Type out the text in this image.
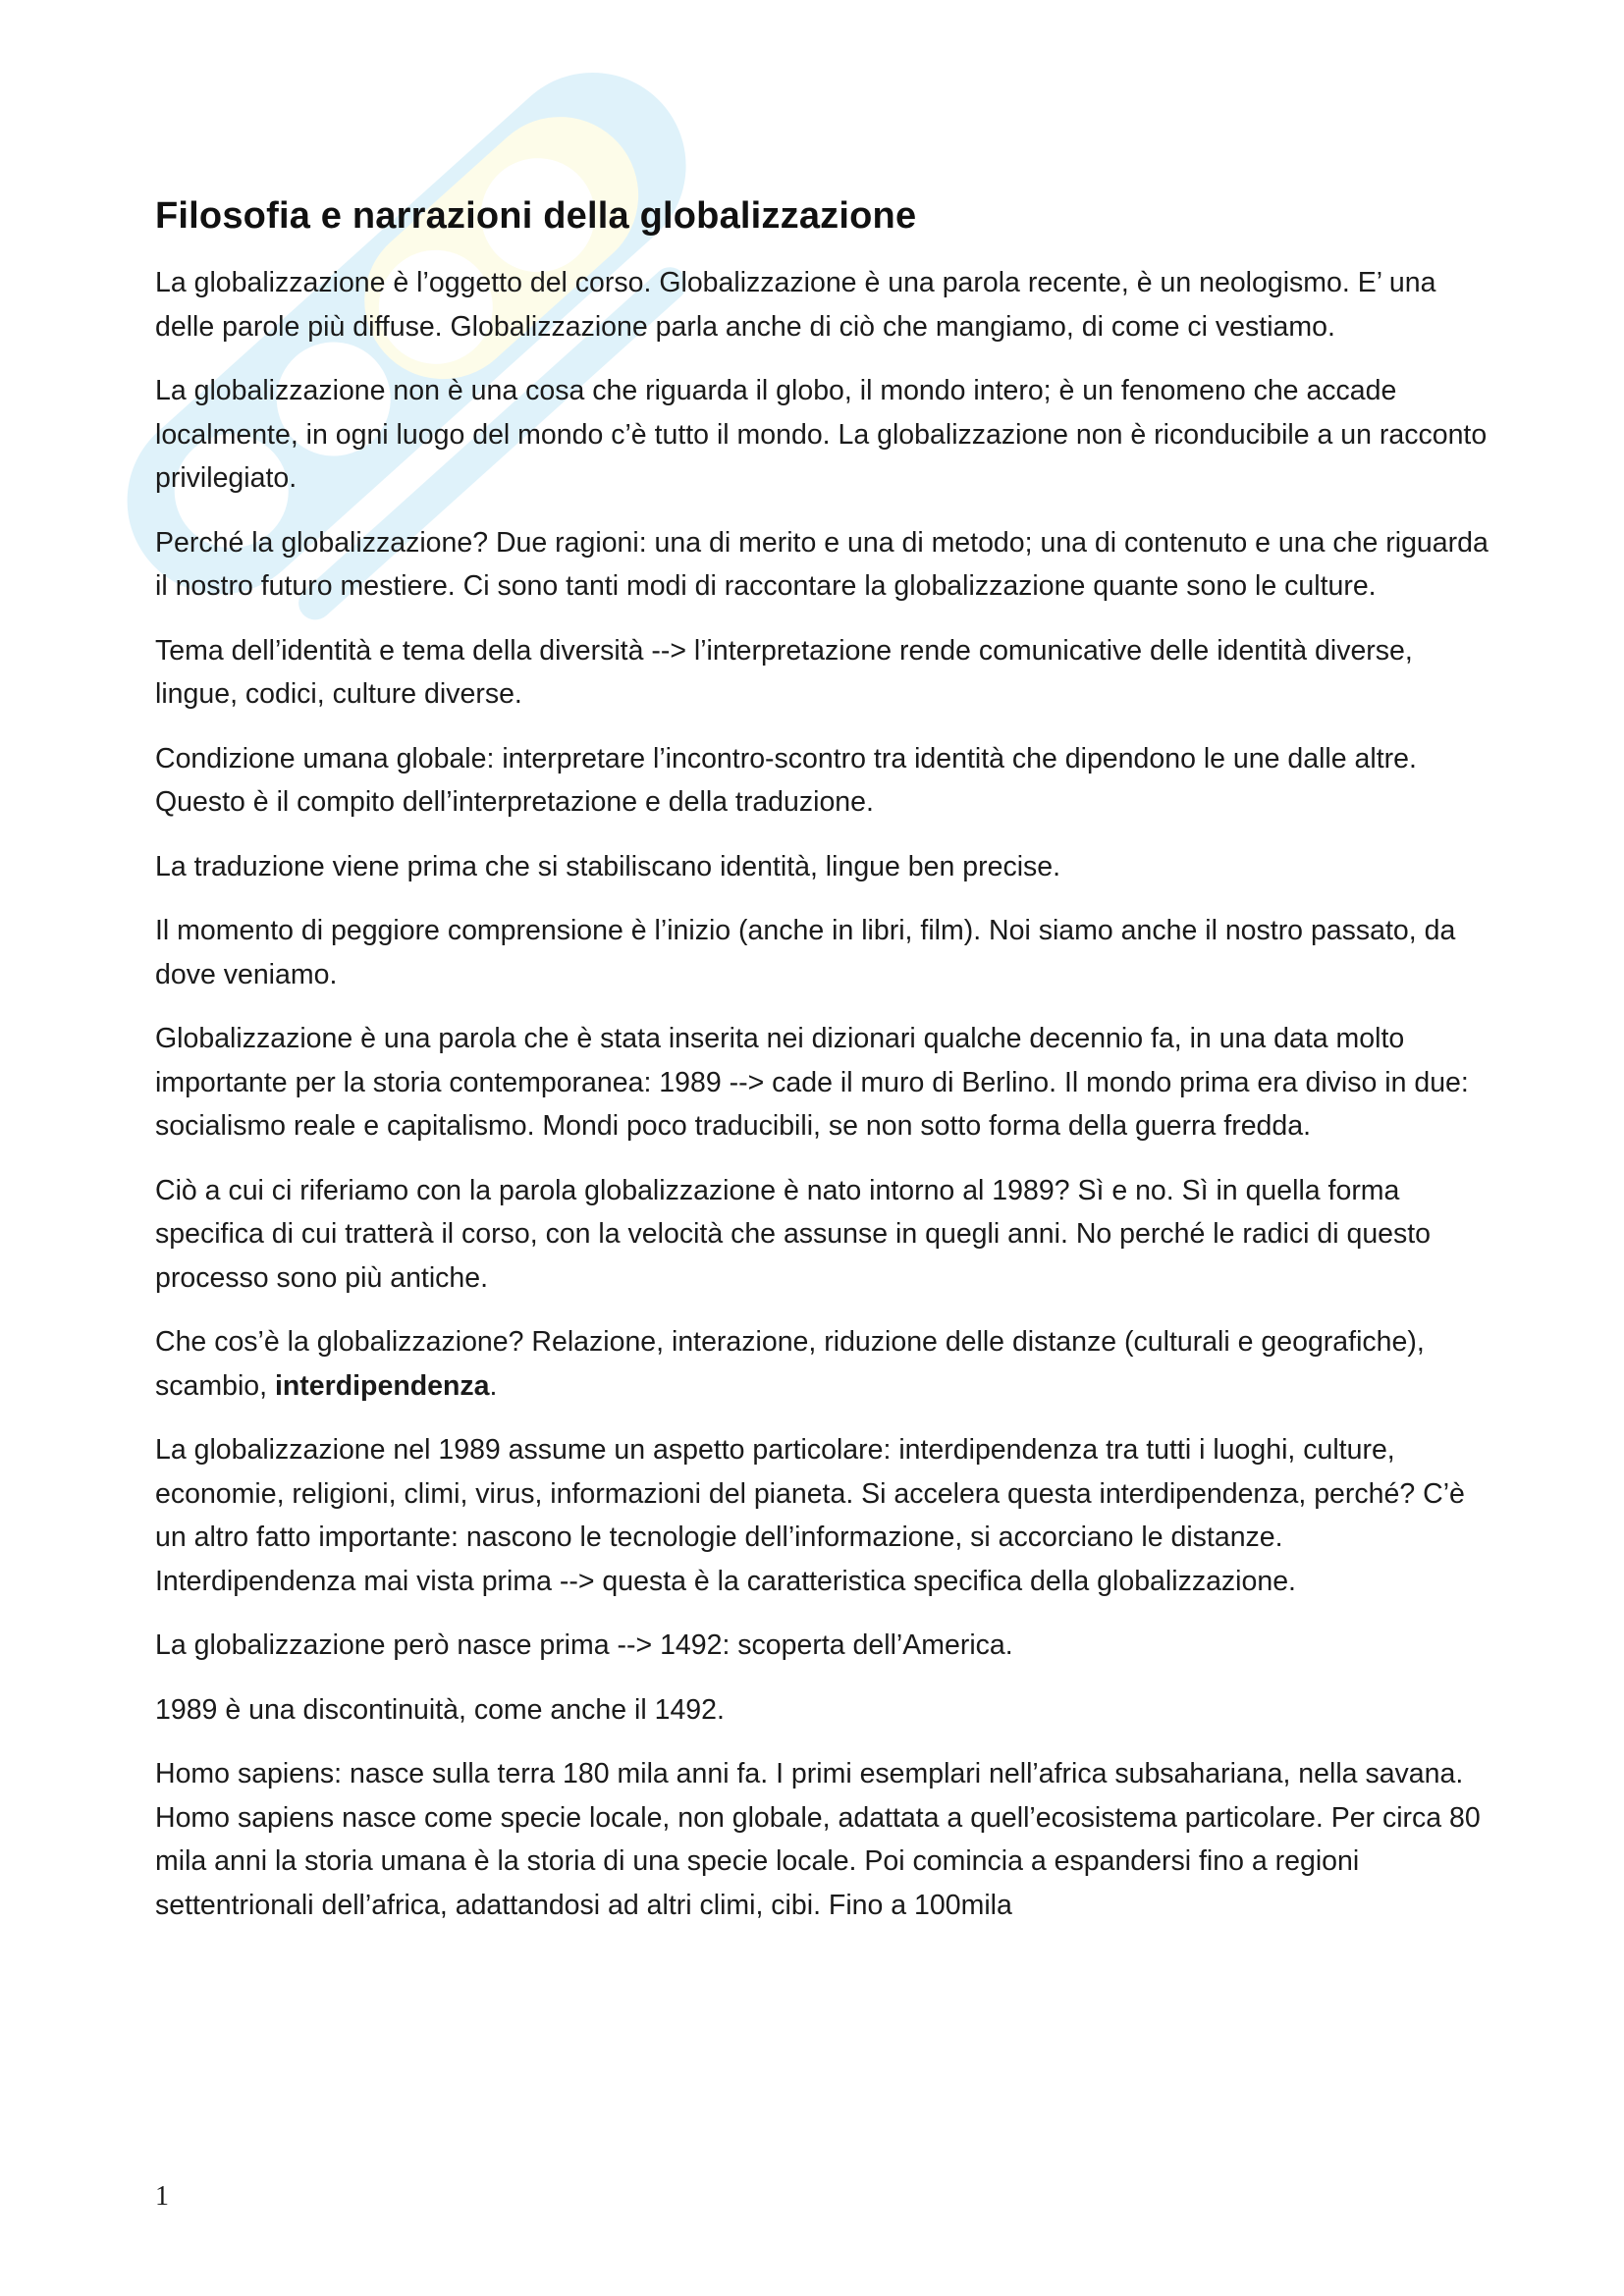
Filosofia e narrazioni della globalizzazione

La globalizzazione è l’oggetto del corso. Globalizzazione è una parola recente, è un neologismo. E’ una delle parole più diffuse. Globalizzazione parla anche di ciò che mangiamo, di come ci vestiamo.

La globalizzazione non è una cosa che riguarda il globo, il mondo intero; è un fenomeno che accade localmente, in ogni luogo del mondo c’è tutto il mondo. La globalizzazione non è riconducibile a un racconto privilegiato.

Perché la globalizzazione? Due ragioni: una di merito e una di metodo; una di contenuto e una che riguarda il nostro futuro mestiere. Ci sono tanti modi di raccontare la globalizzazione quante sono le culture.

Tema dell’identità e tema della diversità --> l’interpretazione rende comunicative delle identità diverse, lingue, codici, culture diverse.

Condizione umana globale: interpretare l’incontro-scontro tra identità che dipendono le une dalle altre. Questo è il compito dell’interpretazione e della traduzione.

La traduzione viene prima che si stabiliscano identità, lingue ben precise.

Il momento di peggiore comprensione è l’inizio (anche in libri, film). Noi siamo anche il nostro passato, da dove veniamo.

Globalizzazione è una parola che è stata inserita nei dizionari qualche decennio fa, in una data molto importante per la storia contemporanea: 1989 --> cade il muro di Berlino. Il mondo prima era diviso in due: socialismo reale e capitalismo. Mondi poco traducibili, se non sotto forma della guerra fredda.

Ciò a cui ci riferiamo con la parola globalizzazione è nato intorno al 1989? Sì e no. Sì in quella forma specifica di cui tratterà il corso, con la velocità che assunse in quegli anni. No perché le radici di questo processo sono più antiche.

Che cos’è la globalizzazione? Relazione, interazione, riduzione delle distanze (culturali e geografiche), scambio, interdipendenza.

La globalizzazione nel 1989 assume un aspetto particolare: interdipendenza tra tutti i luoghi, culture, economie, religioni, climi, virus, informazioni del pianeta. Si accelera questa interdipendenza, perché? C’è un altro fatto importante: nascono le tecnologie dell’informazione, si accorciano le distanze. Interdipendenza mai vista prima --> questa è la caratteristica specifica della globalizzazione.

La globalizzazione però nasce prima --> 1492: scoperta dell’America.

1989 è una discontinuità, come anche il 1492.

Homo sapiens: nasce sulla terra 180 mila anni fa. I primi esemplari nell’africa subsahariana, nella savana. Homo sapiens nasce come specie locale, non globale, adattata a quell’ecosistema particolare. Per circa 80 mila anni la storia umana è la storia di una specie locale. Poi comincia a espandersi fino a regioni settentrionali dell’africa, adattandosi ad altri climi, cibi. Fino a 100mila

1
